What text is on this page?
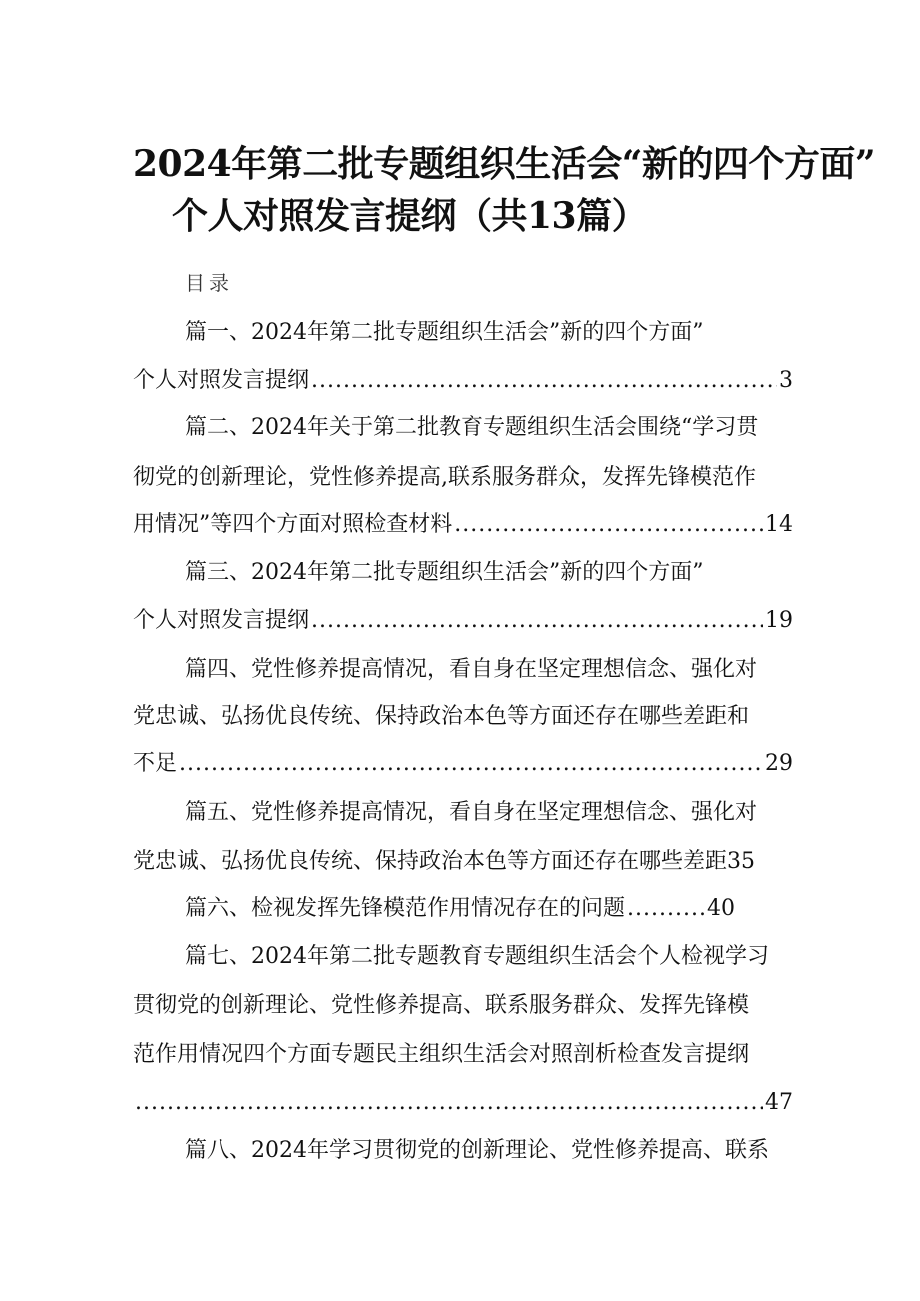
2024年第二批专题组织生活会“新的四个方面”
个人对照发言提纲（共13篇）
目录
篇一、2024年第二批专题组织生活会”新的四个方面”
个人对照发言提纲 .....	3
篇二、2024年关于第二批教育专题组织生活会围绕“学习贯
彻党的创新理论，党性修养提高,联系服务群众，发挥先锋模范作
用情况”等四个方面对照检查材料 .....	14
篇三、2024年第二批专题组织生活会”新的四个方面”
个人对照发言提纲 .....	19
篇四、党性修养提高情况，看自身在坚定理想信念、强化对
党忠诚、弘扬优良传统、保持政治本色等方面还存在哪些差距和
不足 .....	29
篇五、党性修养提高情况，看自身在坚定理想信念、强化对
党忠诚、弘扬优良传统、保持政治本色等方面还存在哪些差距 35
篇六、检视发挥先锋模范作用情况存在的问题 .....	40
篇七、2024年第二批专题教育专题组织生活会个人检视学习
贯彻党的创新理论、党性修养提高、联系服务群众、发挥先锋模
范作用情况四个方面专题民主组织生活会对照剖析检查发言提纲
.....
47
篇八、2024年学习贯彻党的创新理论、党性修养提高、联系
